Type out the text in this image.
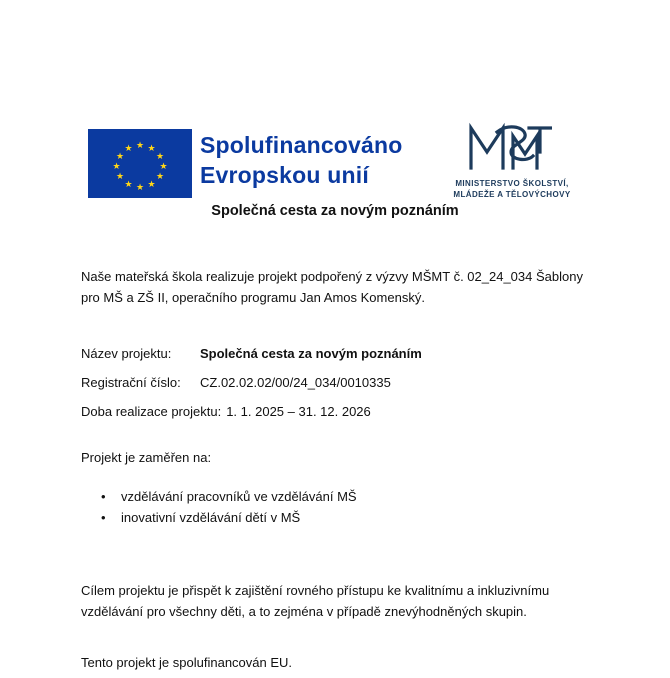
★
★ ★
★	★
★	★
★	★
★ ★
★
Spolufinancováno
Evropskou unií	MINISTERSTVO ŠKOLSTVÍ,
MLÁDEŽE A TĚLOVÝCHOVY
Společná cesta za novým poznáním
Naše mateřská škola realizuje projekt podpořený z výzvy MŠMT č. 02_24_034 Šablony pro MŠ a ZŠ II, operačního programu Jan Amos Komenský.
Název projektu:	Společná cesta za novým poznáním
Registrační číslo:	CZ.02.02.02/00/24_034/0010335
Doba realizace projektu: 1. 1. 2025 – 31. 12. 2026
Projekt je zaměřen na:
• vzdělávání pracovníků ve vzdělávání MŠ
• inovativní vzdělávání dětí v MŠ
Cílem projektu je přispět k zajištění rovného přístupu ke kvalitnímu a inkluzivnímu vzdělávání pro všechny děti, a to zejména v případě znevýhodněných skupin.
Tento projekt je spolufinancován EU.
